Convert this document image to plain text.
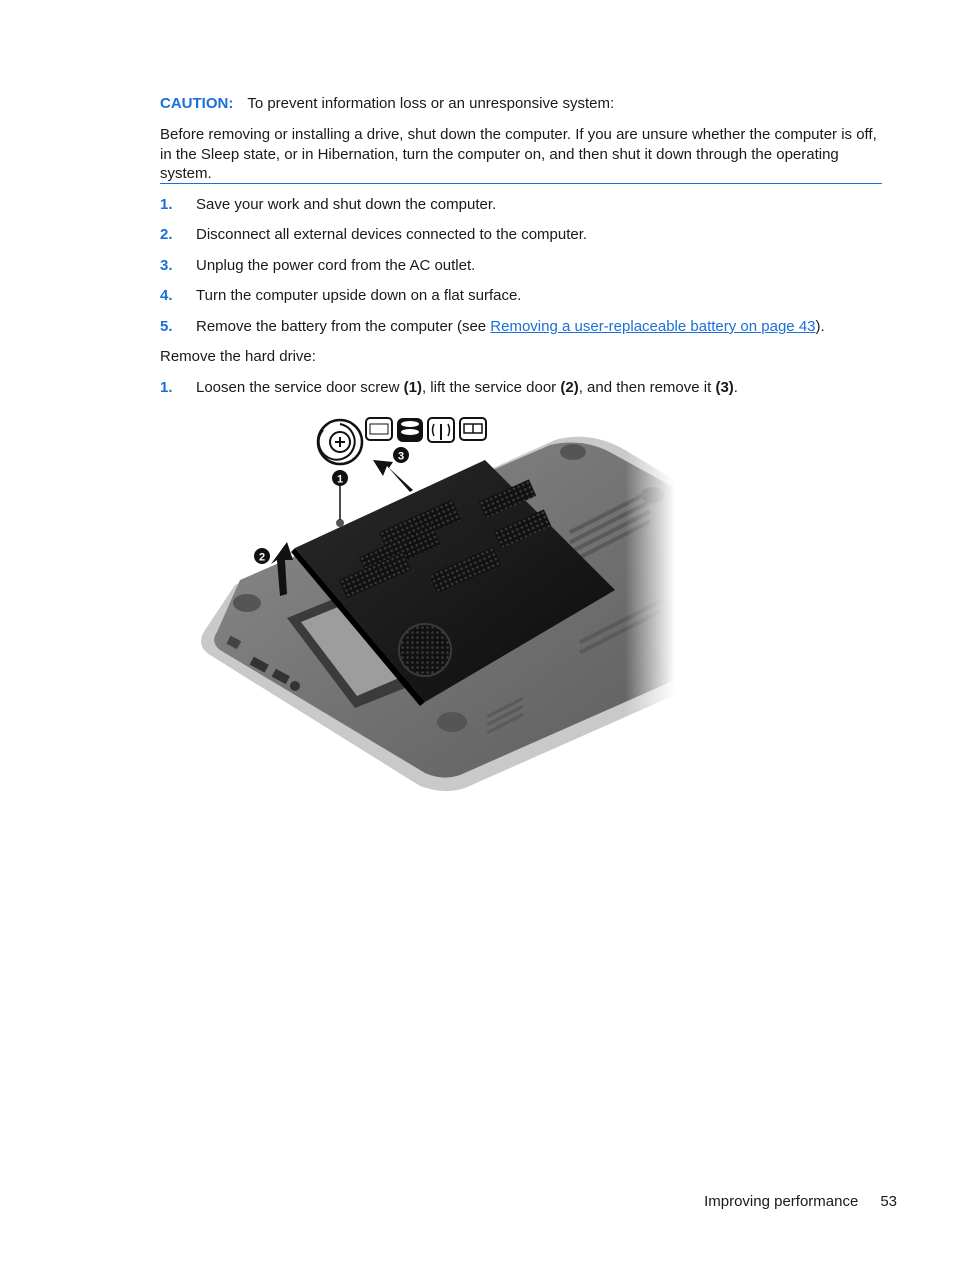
CAUTION: To prevent information loss or an unresponsive system:
Before removing or installing a drive, shut down the computer. If you are unsure whether the computer is off, in the Sleep state, or in Hibernation, turn the computer on, and then shut it down through the operating system.
1. Save your work and shut down the computer.
2. Disconnect all external devices connected to the computer.
3. Unplug the power cord from the AC outlet.
4. Turn the computer upside down on a flat surface.
5. Remove the battery from the computer (see Removing a user-replaceable battery on page 43).
Remove the hard drive:
1. Loosen the service door screw (1), lift the service door (2), and then remove it (3).
1
2
3
Improving performance 53
